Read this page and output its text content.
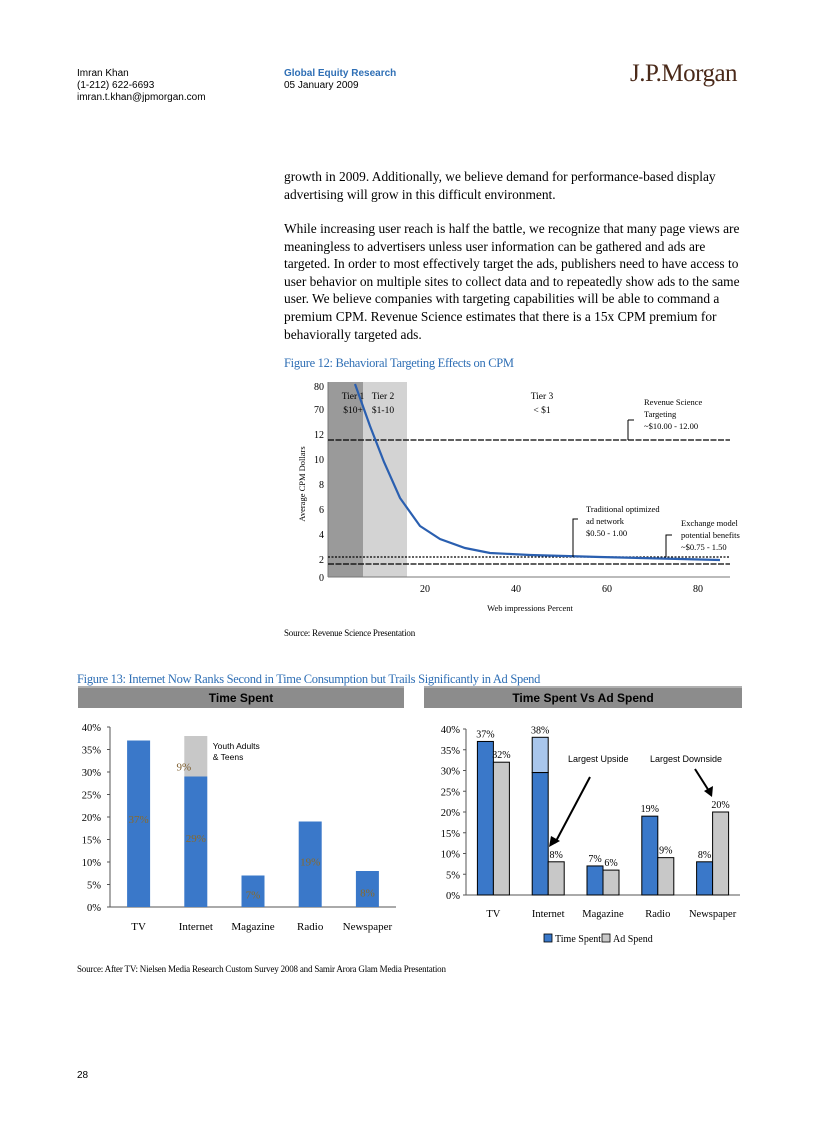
Imran Khan
(1-212) 622-6693
imran.t.khan@jpmorgan.com
Global Equity Research
05 January 2009	J.P.Morgan

growth in 2009. Additionally, we believe demand for performance-based display advertising will grow in this difficult environment.

While increasing user reach is half the battle, we recognize that many page views are meaningless to advertisers unless user information can be gathered and ads are targeted. In order to most effectively target the ads, publishers need to have access to user behavior on multiple sites to collect data and to repeatedly show ads to the same user. We believe companies with targeting capabilities will be able to command a premium CPM. Revenue Science estimates that there is a 15x CPM premium for behaviorally targeted ads.

Figure 12: Behavioral Targeting Effects on CPM
80
70
12
10
8
6
4
2
0
20	40	60	80
Web impressions Percent
Average CPM Dollars
Tier 1
$10+
Tier 2
$1-10
Tier 3
< $1
Revenue Science
Targeting
~$10.00 - 12.00
Traditional optimized
ad network
$0.50 - 1.00
Exchange model
potential benefits
~$0.75 - 1.50
Source: Revenue Science Presentation
Figure 13: Internet Now Ranks Second in Time Consumption but Trails Significantly in Ad Spend
Time Spent
0%
5%
10%
15%
20%
25%
30%
35%
40%
37%
TV
9%
Youth Adults
& Teens
29%
Internet
7%
Magazine
19%
Radio
8%
Newspaper
Time Spent Vs Ad Spend
0%
5%
10%
15%
20%
25%
30%
35%
40% 37%
32%
TV
38%
8%
Internet
7% 6%
Magazine
19%
9%
Radio
8%
20%
Newspaper
Largest Upside Largest Downside
Time Spent Ad Spend
Source: After TV: Nielsen Media Research Custom Survey 2008 and Samir Arora Glam Media Presentation
28
